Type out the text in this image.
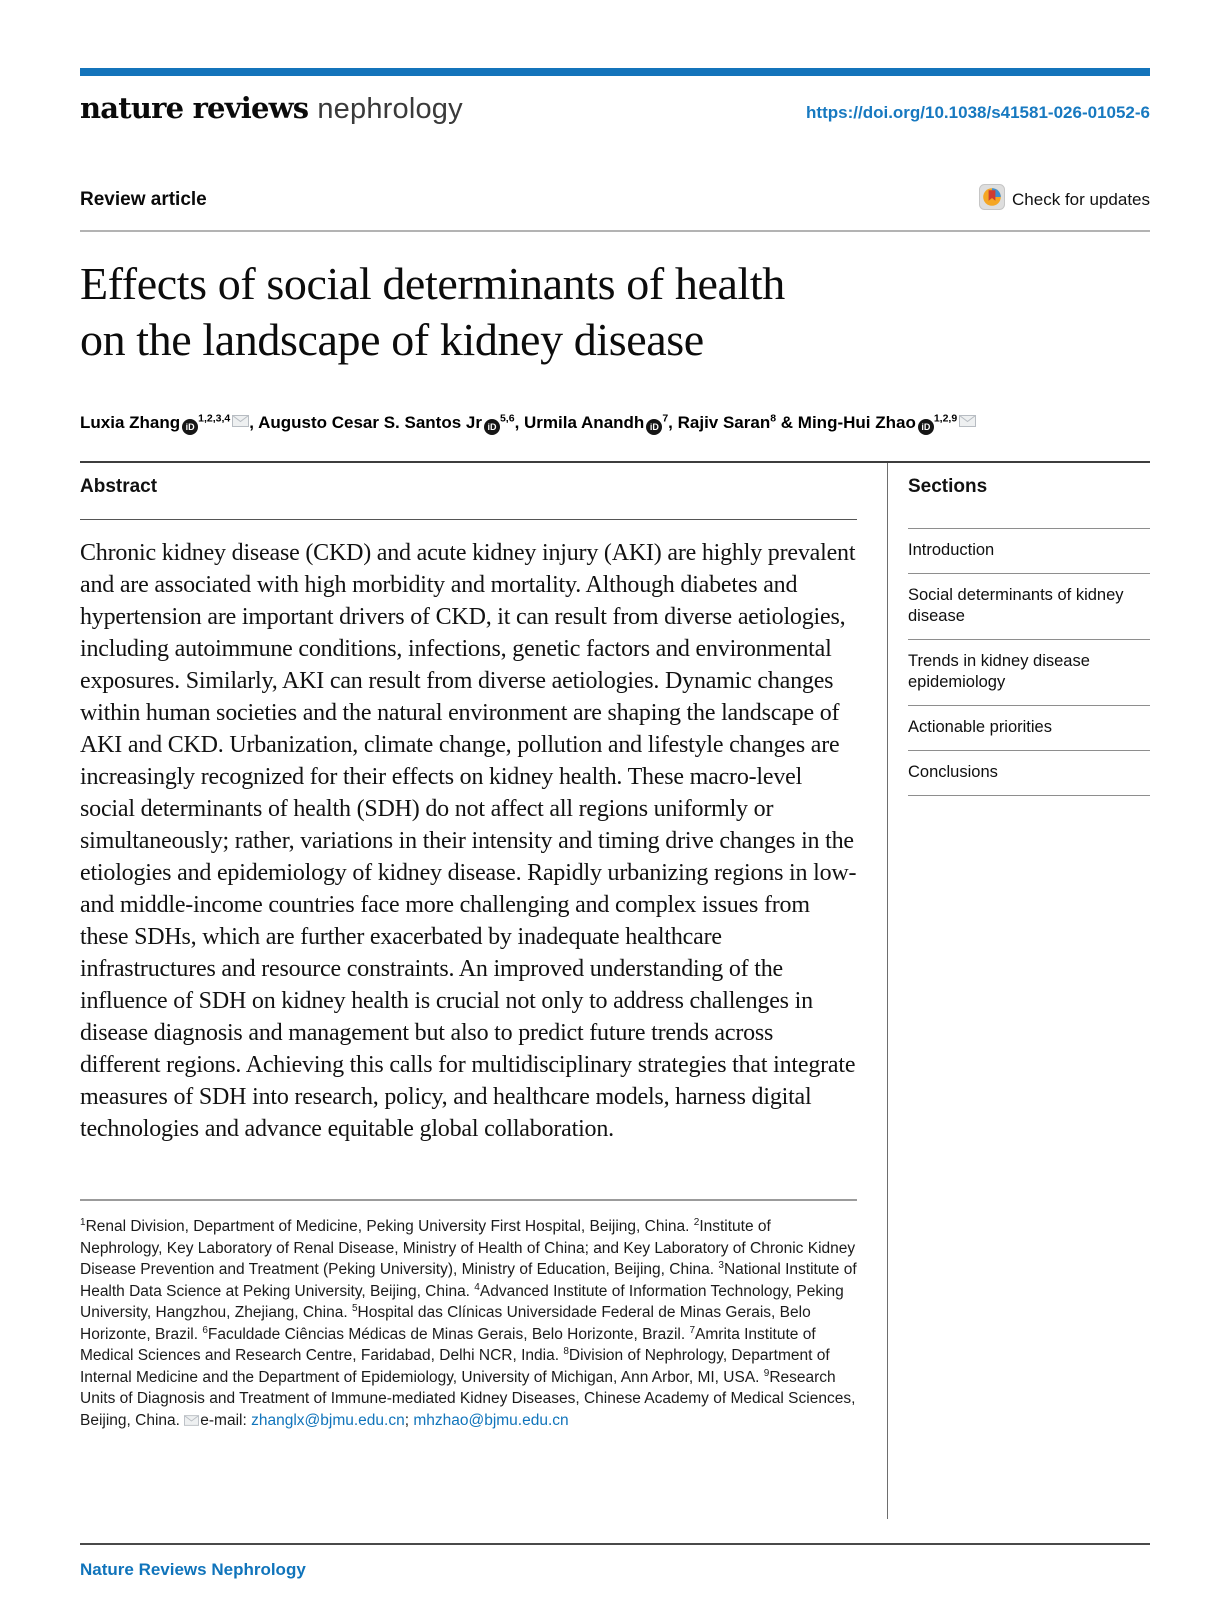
nature reviews nephrology	https://doi.org/10.1038/s41581-026-01052-6
Review article	Check for updates
Effects of social determinants of health
on the landscape of kidney disease
Luxia Zhang iD$^{1,2,3,4}$ , Augusto Cesar S. Santos Jr iD$^{5,6}$, Urmila Anandh $iD^7$, Rajiv Saran$^8$ & Ming-Hui Zhao iD$^{1,2,9}$
Abstract

Chronic kidney disease (CKD) and acute kidney injury (AKI) are highly prevalent and are associated with high morbidity and mortality. Although diabetes and hypertension are important drivers of CKD, it can result from diverse aetiologies, including autoimmune conditions, infections, genetic factors and environmental exposures. Similarly, AKI can result from diverse aetiologies. Dynamic changes within human societies and the natural environment are shaping the landscape of AKI and CKD. Urbanization, climate change, pollution and lifestyle changes are increasingly recognized for their effects on kidney health. These macro-level social determinants of health (SDH) do not affect all regions uniformly or simultaneously; rather, variations in their intensity and timing drive changes in the etiologies and epidemiology of kidney disease. Rapidly urbanizing regions in low- and middle-income countries face more challenging and complex issues from these SDHs, which are further exacerbated by inadequate healthcare infrastructures and resource constraints. An improved understanding of the influence of SDH on kidney health is crucial not only to address challenges in disease diagnosis and management but also to predict future trends across different regions. Achieving this calls for multidisciplinary strategies that integrate measures of SDH into research, policy, and healthcare models, harness digital technologies and advance equitable global collaboration.

$^1$Renal Division, Department of Medicine, Peking University First Hospital, Beijing, China. $^2$Institute of Nephrology, Key Laboratory of Renal Disease, Ministry of Health of China; and Key Laboratory of Chronic Kidney Disease Prevention and Treatment (Peking University), Ministry of Education, Beijing, China. $^3$National Institute of Health Data Science at Peking University, Beijing, China. $^4$Advanced Institute of Information Technology, Peking University, Hangzhou, Zhejiang, China. $^5$Hospital das Clínicas Universidade Federal de Minas Gerais, Belo Horizonte, Brazil. $^6$Faculdade Ciências Médicas de Minas Gerais, Belo Horizonte, Brazil. $^7$Amrita Institute of Medical Sciences and Research Centre, Faridabad, Delhi NCR, India. $^8$Division of Nephrology, Department of Internal Medicine and the Department of Epidemiology, University of Michigan, Ann Arbor, MI, USA. $^9$Research Units of Diagnosis and Treatment of Immune-mediated Kidney Diseases, Chinese Academy of Medical Sciences, Beijing, China. e-mail: zhanglx@bjmu.edu.cn; mhzhao@bjmu.edu.cn

Sections
Introduction
Social determinants of kidney disease
Trends in kidney disease epidemiology
Actionable priorities
Conclusions
Nature Reviews Nephrology
